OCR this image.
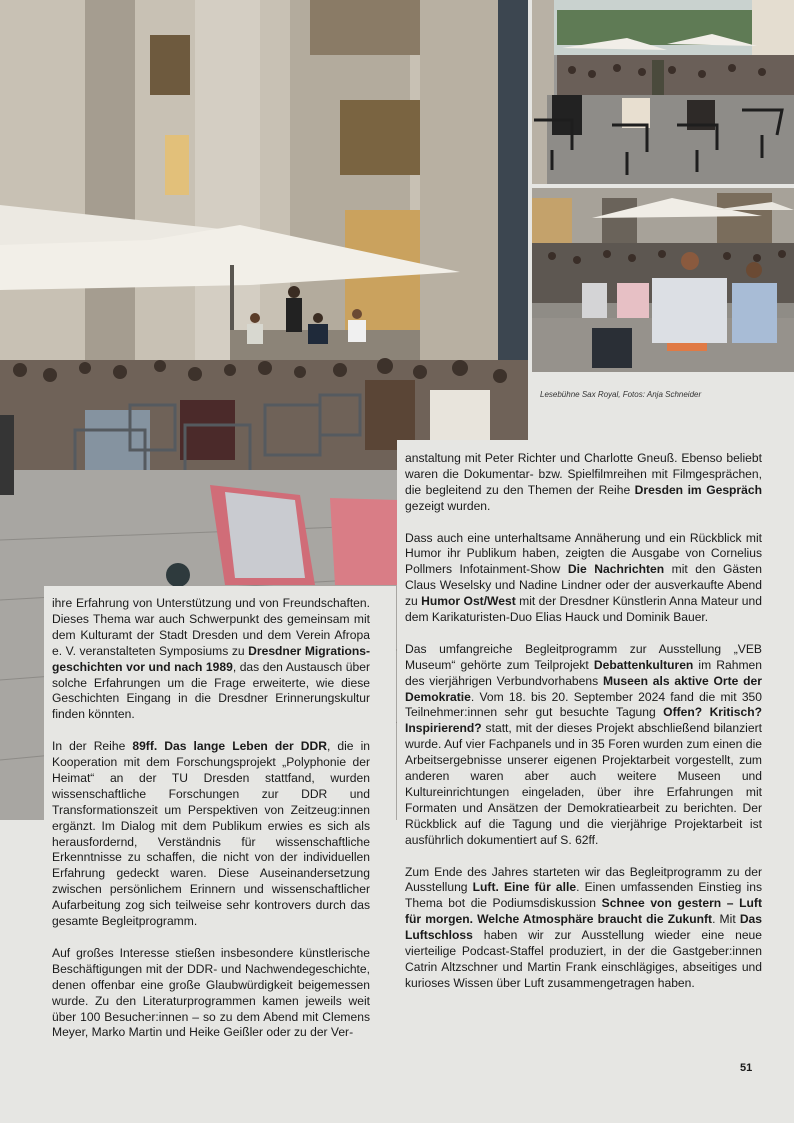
Lesebühne Sax Royal, Fotos: Anja Schneider

ihre Erfahrung von Unterstützung und von Freundschaften. Dieses Thema war auch Schwerpunkt des gemeinsam mit dem Kulturamt der Stadt Dresden und dem Verein Afropa e. V. veranstalteten Symposiums zu Dresdner Migrations-geschichten vor und nach 1989, das den Austausch über solche Erfahrungen um die Frage erweiterte, wie diese Geschichten Eingang in die Dresdner Erinnerungskultur finden könnten.

In der Reihe 89ff. Das lange Leben der DDR, die in Kooperation mit dem Forschungsprojekt „Polyphonie der Heimat“ an der TU Dresden stattfand, wurden wissenschaftliche Forschungen zur DDR und Transformationszeit um Perspektiven von Zeitzeug:innen ergänzt. Im Dialog mit dem Publikum erwies es sich als herausfordernd, Verständnis für wissenschaftliche Erkenntnisse zu schaffen, die nicht von der individuellen Erfahrung gedeckt waren. Diese Auseinandersetzung zwischen persönlichem Erinnern und wissenschaftlicher Aufarbeitung zog sich teilweise sehr kontrovers durch das gesamte Begleitprogramm.

Auf großes Interesse stießen insbesondere künstlerische Beschäftigungen mit der DDR- und Nachwendegeschichte, denen offenbar eine große Glaubwürdigkeit beigemessen wurde. Zu den Literaturprogrammen kamen jeweils weit über 100 Besucher:innen – so zu dem Abend mit Clemens Meyer, Marko Martin und Heike Geißler oder zu der Ver-

anstaltung mit Peter Richter und Charlotte Gneuß. Ebenso beliebt waren die Dokumentar- bzw. Spielfilmreihen mit Filmgesprächen, die begleitend zu den Themen der Reihe Dresden im Gespräch gezeigt wurden.

Dass auch eine unterhaltsame Annäherung und ein Rückblick mit Humor ihr Publikum haben, zeigten die Ausgabe von Cornelius Pollmers Infotainment-Show Die Nachrichten mit den Gästen Claus Weselsky und Nadine Lindner oder der ausverkaufte Abend zu Humor Ost/West mit der Dresdner Künstlerin Anna Mateur und dem Karikaturisten-Duo Elias Hauck und Dominik Bauer.

Das umfangreiche Begleitprogramm zur Ausstellung „VEB Museum“ gehörte zum Teilprojekt Debattenkulturen im Rahmen des vierjährigen Verbundvorhabens Museen als aktive Orte der Demokratie. Vom 18. bis 20. September 2024 fand die mit 350 Teilnehmer:innen sehr gut besuchte Tagung Offen? Kritisch? Inspirierend? statt, mit der dieses Projekt abschließend bilanziert wurde. Auf vier Fachpanels und in 35 Foren wurden zum einen die Arbeitsergebnisse unserer eigenen Projektarbeit vorgestellt, zum anderen waren aber auch weitere Museen und Kultureinrichtungen eingeladen, über ihre Erfahrungen mit Formaten und Ansätzen der Demokratiearbeit zu berichten. Der Rückblick auf die Tagung und die vierjährige Projektarbeit ist ausführlich dokumentiert auf S. 62ff.

Zum Ende des Jahres starteten wir das Begleitprogramm zu der Ausstellung Luft. Eine für alle. Einen umfassenden Einstieg ins Thema bot die Podiumsdiskussion Schnee von gestern – Luft für morgen. Welche Atmosphäre braucht die Zukunft. Mit Das Luftschloss haben wir zur Ausstellung wieder eine neue vierteilige Podcast-Staffel produziert, in der die Gastgeber:innen Catrin Altzschner und Martin Frank einschlägiges, abseitiges und kurioses Wissen über Luft zusammengetragen haben.

51
